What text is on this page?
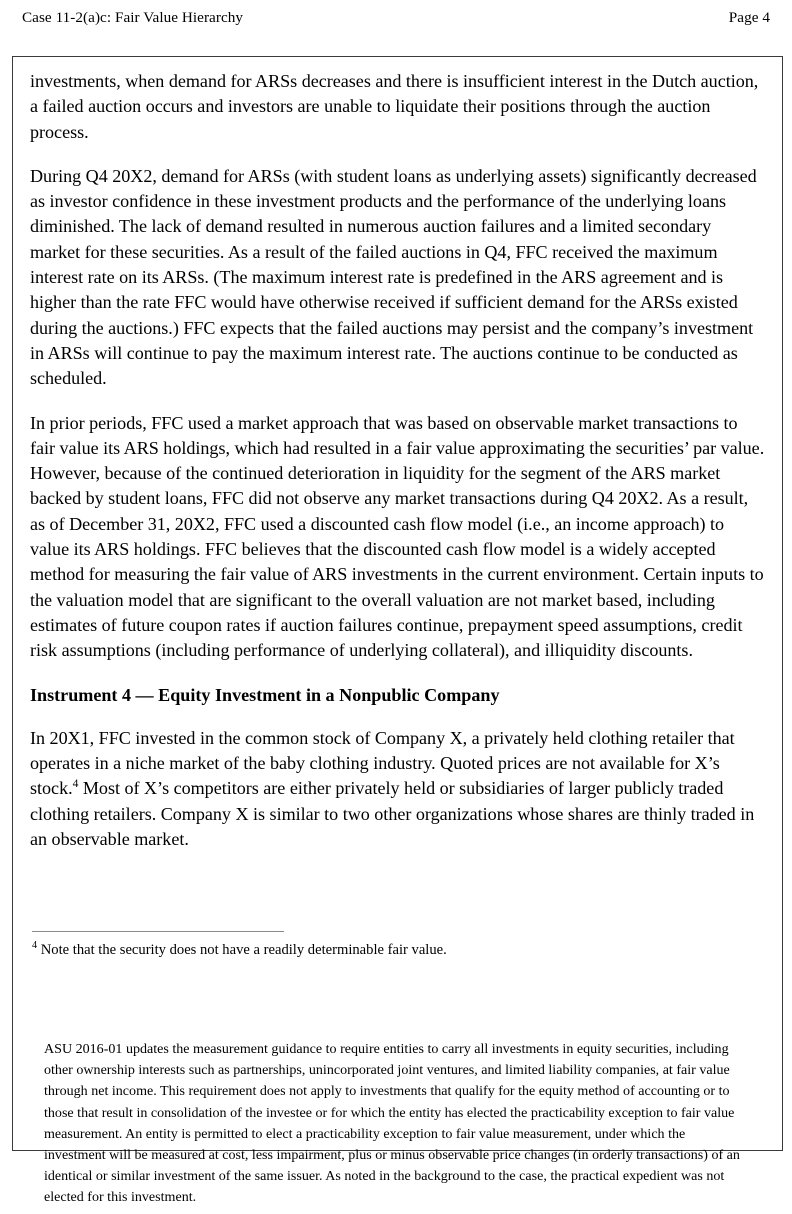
Case 11-2(a)c: Fair Value Hierarchy	Page 4

investments, when demand for ARSs decreases and there is insufficient interest in the Dutch auction, a failed auction occurs and investors are unable to liquidate their positions through the auction process.

During Q4 20X2, demand for ARSs (with student loans as underlying assets) significantly decreased as investor confidence in these investment products and the performance of the underlying loans diminished. The lack of demand resulted in numerous auction failures and a limited secondary market for these securities. As a result of the failed auctions in Q4, FFC received the maximum interest rate on its ARSs. (The maximum interest rate is predefined in the ARS agreement and is higher than the rate FFC would have otherwise received if sufficient demand for the ARSs existed during the auctions.) FFC expects that the failed auctions may persist and the company’s investment in ARSs will continue to pay the maximum interest rate. The auctions continue to be conducted as scheduled.

In prior periods, FFC used a market approach that was based on observable market transactions to fair value its ARS holdings, which had resulted in a fair value approximating the securities’ par value. However, because of the continued deterioration in liquidity for the segment of the ARS market backed by student loans, FFC did not observe any market transactions during Q4 20X2. As a result, as of December 31, 20X2, FFC used a discounted cash flow model (i.e., an income approach) to value its ARS holdings. FFC believes that the discounted cash flow model is a widely accepted method for measuring the fair value of ARS investments in the current environment. Certain inputs to the valuation model that are significant to the overall valuation are not market based, including estimates of future coupon rates if auction failures continue, prepayment speed assumptions, credit risk assumptions (including performance of underlying collateral), and illiquidity discounts.

Instrument 4 — Equity Investment in a Nonpublic Company

In 20X1, FFC invested in the common stock of Company X, a privately held clothing retailer that operates in a niche market of the baby clothing industry. Quoted prices are not available for X’s stock.$^4$ Most of X’s competitors are either privately held or subsidiaries of larger publicly traded clothing retailers. Company X is similar to two other organizations whose shares are thinly traded in an observable market.

$^4$ Note that the security does not have a readily determinable fair value.

ASU 2016-01 updates the measurement guidance to require entities to carry all investments in equity securities, including other ownership interests such as partnerships, unincorporated joint ventures, and limited liability companies, at fair value through net income. This requirement does not apply to investments that qualify for the equity method of accounting or to those that result in consolidation of the investee or for which the entity has elected the practicability exception to fair value measurement. An entity is permitted to elect a practicability exception to fair value measurement, under which the investment will be measured at cost, less impairment, plus or minus observable price changes (in orderly transactions) of an identical or similar investment of the same issuer. As noted in the background to the case, the practical expedient was not elected for this investment.
